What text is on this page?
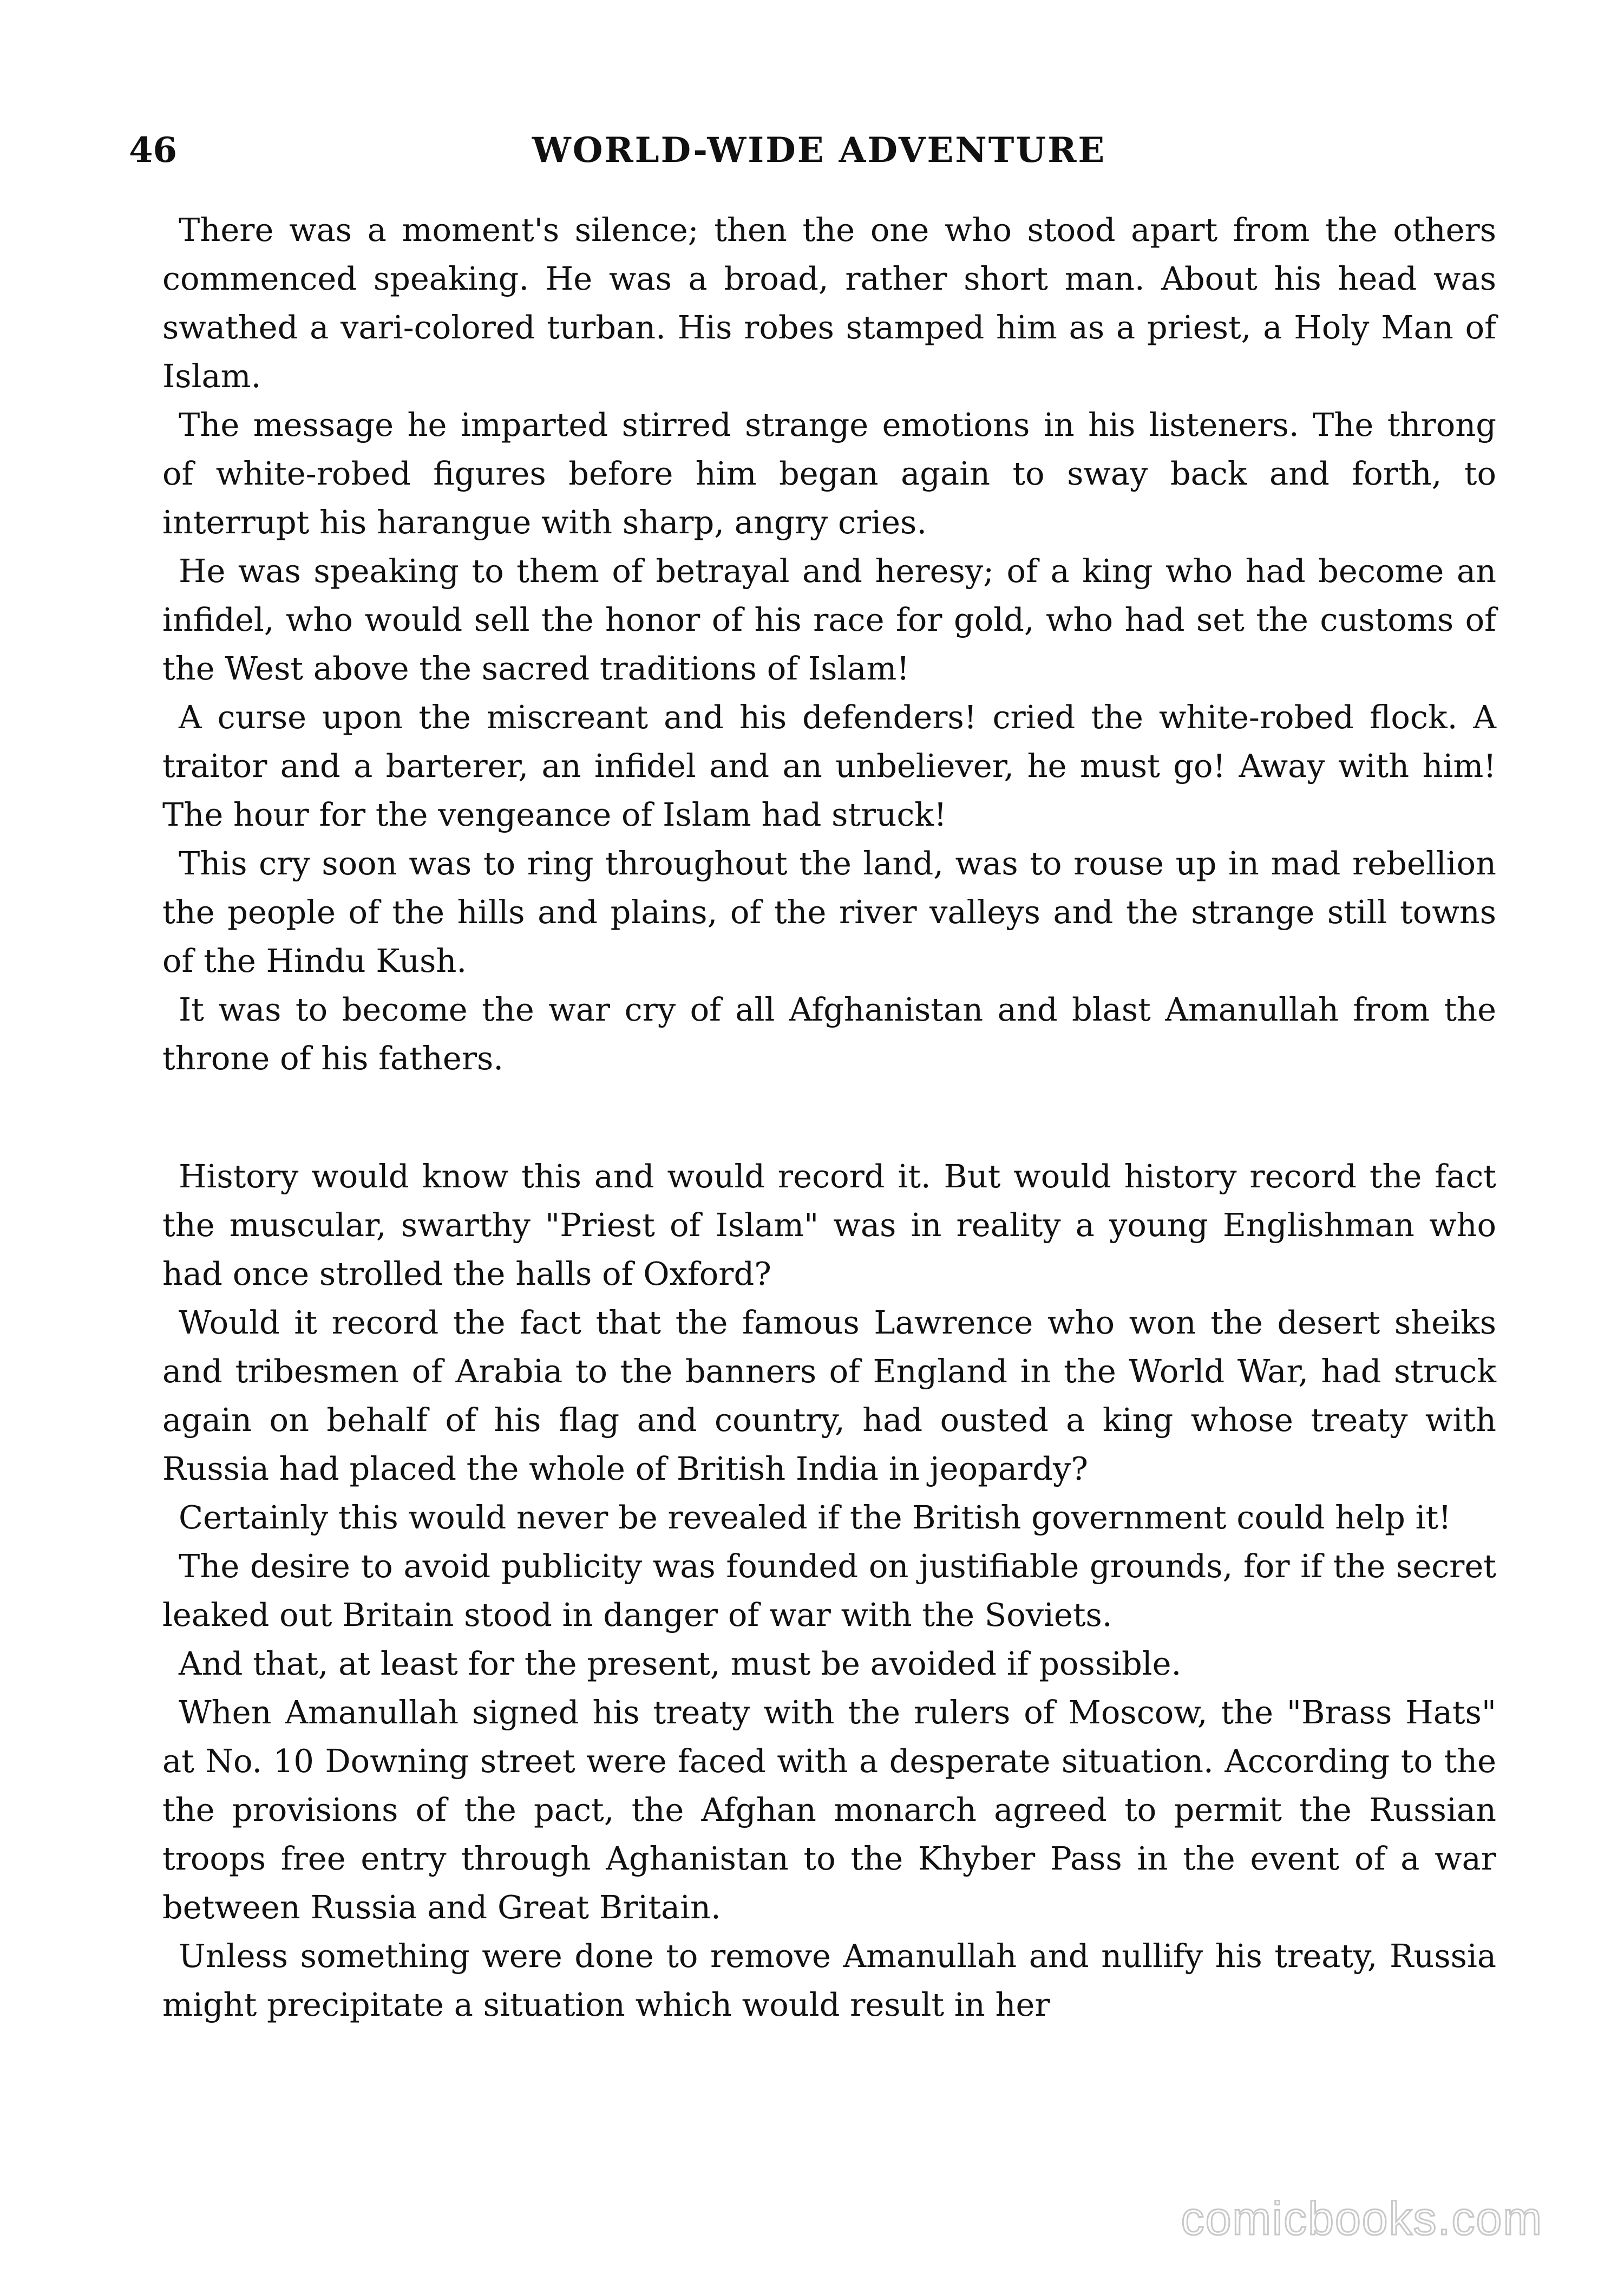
46	WORLD-WIDE ADVENTURE

There was a moment's silence; then the one who stood apart from the others commenced speaking. He was a broad, rather short man. About his head was swathed a vari-colored turban. His robes stamped him as a priest, a Holy Man of Islam.

The message he imparted stirred strange emotions in his listeners. The throng of white-robed figures before him began again to sway back and forth, to interrupt his harangue with sharp, angry cries.

He was speaking to them of betrayal and heresy; of a king who had become an infidel, who would sell the honor of his race for gold, who had set the customs of the West above the sacred traditions of Islam!

A curse upon the miscreant and his defenders! cried the white-robed flock. A traitor and a barterer, an infidel and an unbeliever, he must go! Away with him! The hour for the vengeance of Islam had struck!

This cry soon was to ring throughout the land, was to rouse up in mad rebellion the people of the hills and plains, of the river valleys and the strange still towns of the Hindu Kush.

It was to become the war cry of all Afghanistan and blast Amanullah from the throne of his fathers.

History would know this and would record it. But would history record the fact the muscular, swarthy "Priest of Islam" was in reality a young Englishman who had once strolled the halls of Oxford?

Would it record the fact that the famous Lawrence who won the desert sheiks and tribesmen of Arabia to the banners of England in the World War, had struck again on behalf of his flag and country, had ousted a king whose treaty with Russia had placed the whole of British India in jeopardy?

Certainly this would never be revealed if the British government could help it!

The desire to avoid publicity was founded on justifiable grounds, for if the secret leaked out Britain stood in danger of war with the Soviets.

And that, at least for the present, must be avoided if possible.

When Amanullah signed his treaty with the rulers of Moscow, the "Brass Hats" at No. 10 Downing street were faced with a desperate situation. According to the the provisions of the pact, the Afghan monarch agreed to permit the Russian troops free entry through Aghanistan to the Khyber Pass in the event of a war between Russia and Great Britain.

Unless something were done to remove Amanullah and nullify his treaty, Russia might precipitate a situation which would result in her

comicbooks.com
